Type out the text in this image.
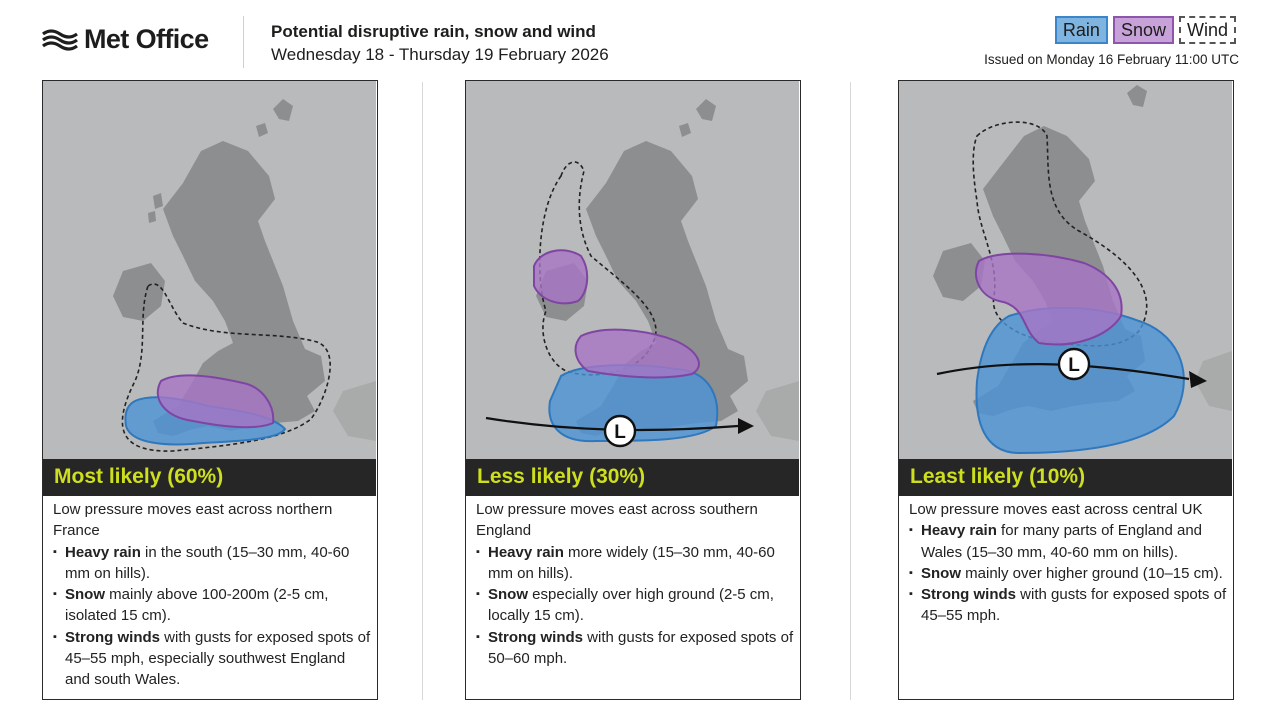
Met Office	Potential disruptive rain, snow and wind
Wednesday 18 - Thursday 19 February 2026
Rain	Snow	Wind
Issued on Monday 16 February 11:00 UTC
Most likely (60%)

Low pressure moves east across northern France

▪ Heavy rain in the south (15–30 mm, 40-60 mm on hills).
▪ Snow mainly above 100-200m (2-5 cm, isolated 15 cm).
▪ Strong winds with gusts for exposed spots of 45–55 mph, especially southwest England and south Wales.
L
Less likely (30%)

Low pressure moves east across southern England

▪ Heavy rain more widely (15–30 mm, 40-60 mm on hills).
▪ Snow especially over high ground (2-5 cm, locally 15 cm).
▪ Strong winds with gusts for exposed spots of 50–60 mph.
L
Least likely (10%)

Low pressure moves east across central UK

▪ Heavy rain for many parts of England and Wales (15–30 mm, 40-60 mm on hills).
▪ Snow mainly over higher ground (10–15 cm).
▪ Strong winds with gusts for exposed spots of 45–55 mph.
